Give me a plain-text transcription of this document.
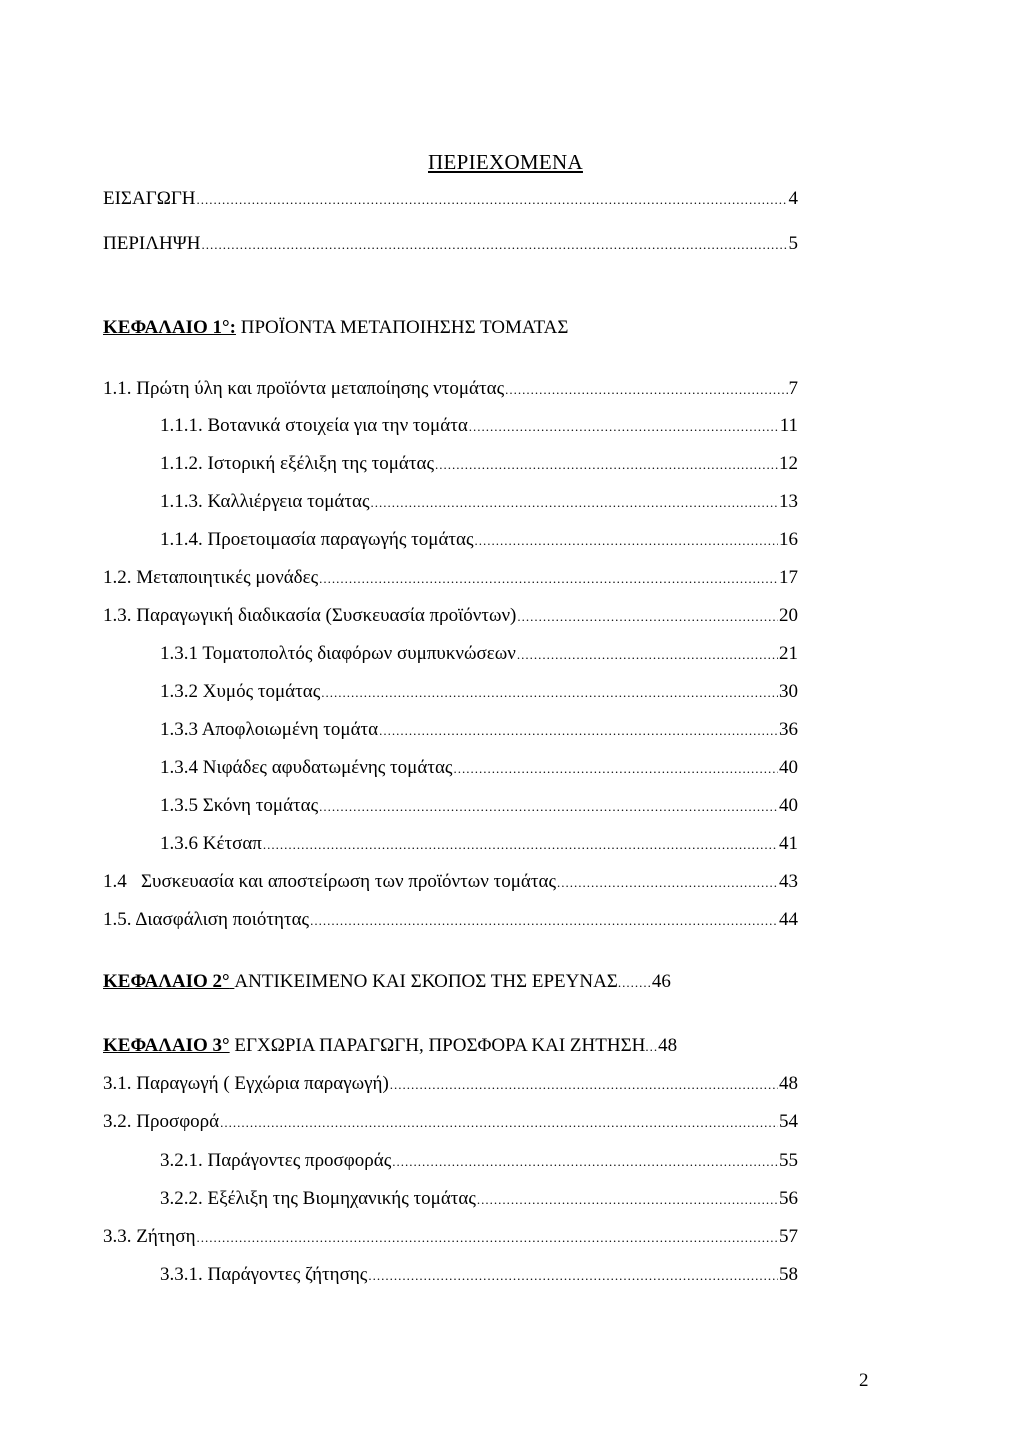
ΠΕΡΙΕΧΟΜΕΝΑ
ΕΙΣΑΓΩΓΗ .....	4
ΠΕΡΙΛΗΨΗ .....	5
ΚΕΦΑΛΑΙΟ 1°: ΠΡΟΪΟΝΤΑ ΜΕΤΑΠΟΙΗΣΗΣ ΤΟΜΑΤΑΣ
1.1. Πρώτη ύλη και προϊόντα μεταποίησης ντομάτας .....	7
1.1.1. Βοτανικά στοιχεία για την τομάτα .....	11
1.1.2. Ιστορική εξέλιξη της τομάτας .....	12
1.1.3. Καλλιέργεια τομάτας .....	13
1.1.4. Προετοιμασία παραγωγής τομάτας .....	16
1.2. Μεταποιητικές μονάδες .....	17
1.3. Παραγωγική διαδικασία (Συσκευασία προϊόντων) .....	20
1.3.1 Τοματοπολτός διαφόρων συμπυκνώσεων .....	21
1.3.2 Χυμός τομάτας .....	30
1.3.3 Αποφλοιωμένη τομάτα .....	36
1.3.4 Νιφάδες αφυδατωμένης τομάτας .....	40
1.3.5 Σκόνη τομάτας .....	40
1.3.6 Κέτσαπ .....	41
1.4   Συσκευασία και αποστείρωση των προϊόντων τομάτας .....	43
1.5. Διασφάλιση ποιότητας .....	44
ΚΕΦΑΛΑΙΟ 2°
ΑΝΤΙΚΕΙΜΕΝΟ ΚΑΙ ΣΚΟΠΟΣ ΤΗΣ ΕΡΕΥΝΑΣ ........ 46
ΚΕΦΑΛΑΙΟ 3°
ΕΓΧΩΡΙΑ ΠΑΡΑΓΩΓΗ, ΠΡΟΣΦΟΡΑ ΚΑΙ ΖΗΤΗΣΗ ... 48
3.1. Παραγωγή ( Εγχώρια παραγωγή) .....	48
3.2. Προσφορά .....	54
3.2.1. Παράγοντες προσφοράς .....	55
3.2.2. Εξέλιξη της Βιομηχανικής τομάτας .....	56
3.3. Ζήτηση .....	57
3.3.1. Παράγοντες ζήτησης .....	58
2
